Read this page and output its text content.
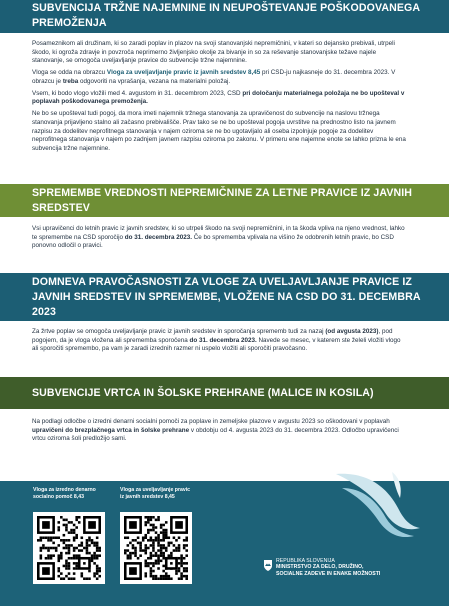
SUBVENCIJA TRŽNE NAJEMNINE IN NEUPOŠTEVANJE POŠKODOVANEGA PREMOŽENJA

Posameznikom ali družinam, ki so zaradi poplav in plazov na svoji stanovanjski nepremičnini, v kateri so dejansko prebivali, utrpeli škodo, ki ogroža zdravje in povzroča neprimerno življenjsko okolje za bivanje in so za reševanje stanovanjske težave najele stanovanje, se omogoča uveljavljanje pravice do subvencije tržne najemnine.

Vloga se odda na obrazcu Vloga za uveljavljanje pravic iz javnih sredstev 8,45 pri CSD-ju najkasneje do 31. decembra 2023. V obrazcu je treba odgovoriti na vprašanja, vezana na materialni položaj.

Vsem, ki bodo vlogo vložili med 4. avgustom in 31. decembrom 2023, CSD pri določanju materialnega položaja ne bo upošteval v poplavah poškodovanega premoženja.

Ne bo se upošteval tudi pogoj, da mora imeti najemnik tržnega stanovanja za upravičenost do subvencije na naslovu tržnega stanovanja prijavljeno stalno ali začasno prebivališče. Prav tako se ne bo upošteval pogoja uvrstitve na prednostno listo na javnem razpisu za dodelitev neprofitnega stanovanja v najem oziroma se ne bo ugotavljalo ali oseba izpolnjuje pogoje za dodelitev neprofitnega stanovanja v najem po zadnjem javnem razpisu oziroma po zakonu. V primeru ene najemne enote se lahko prizna le ena subvencija tržne najemnine.

SPREMEMBE VREDNOSTI NEPREMIČNINE ZA LETNE PRAVICE IZ JAVNIH SREDSTEV

Vsi upravičenci do letnih pravic iz javnih sredstev, ki so utrpeli škodo na svoji nepremičnini, in ta škoda vpliva na njeno vrednost, lahko te spremembe na CSD sporočijo do 31. decembra 2023. Če bo sprememba vplivala na višino že odobrenih letnih pravic, bo CSD ponovno odločil o pravici.

DOMNEVA PRAVOČASNOSTI ZA VLOGE ZA UVELJAVLJANJE PRAVICE IZ JAVNIH SREDSTEV IN SPREMEMBE, VLOŽENE NA CSD DO 31. DECEMBRA 2023

Za žrtve poplav se omogoča uveljavljanje pravic iz javnih sredstev in sporočanja sprememb tudi za nazaj (od avgusta 2023), pod pogojem, da je vloga vložena ali sprememba sporočena do 31. decembra 2023. Navede se mesec, v katerem ste želeli vložiti vlogo ali sporočiti spremembo, pa vam je zaradi izrednih razmer ni uspelo vložiti ali sporočiti pravočasno.

SUBVENCIJE VRTCA IN ŠOLSKE PREHRANE (MALICE IN KOSILA)

Na podlagi odločbe o izredni denarni socialni pomoči za poplave in zemeljske plazove v avgustu 2023 so oškodovani v poplavah upravičeni do brezplačnega vrtca in šolske prehrane v obdobju od 4. avgusta 2023 do 31. decembra 2023. Odločbo upravičenci vrtcu oziroma šoli predložijo sami.

Vloga za izredno denarno
socialno pomoč 8,43
Vloga za uveljavljanje pravic
iz javnih sredstev 8,45
REPUBLIKA SLOVENIJA
MINISTRSTVO ZA DELO, DRUŽINO,
SOCIALNE ZADEVE IN ENAKE MOŽNOSTI
